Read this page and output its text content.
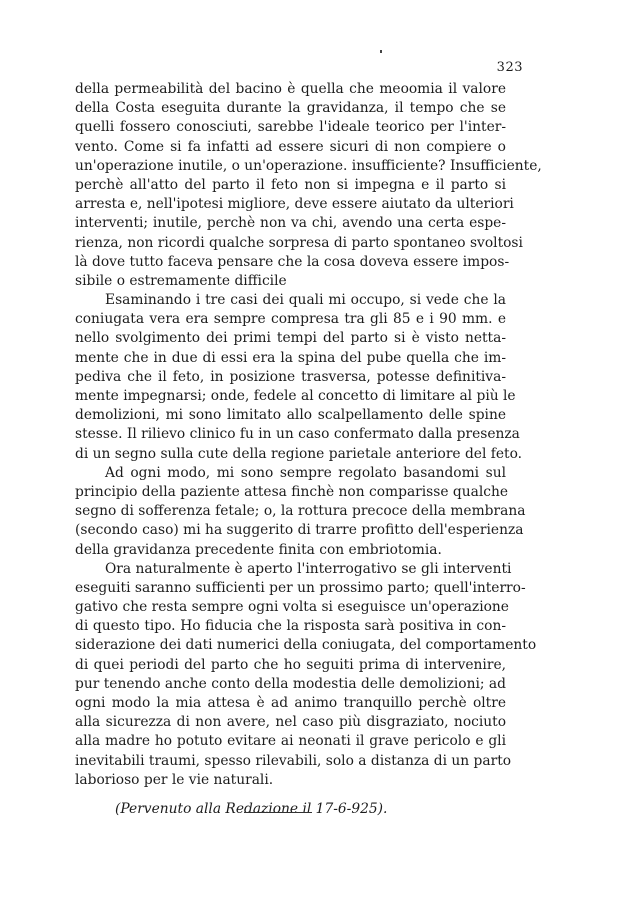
323
della permeabilità del bacino è quella che meoomia il valore
della Costa eseguita durante la gravidanza, il tempo che se
quelli fossero conosciuti, sarebbe l'ideale teorico per l'inter-
vento. Come si fa infatti ad essere sicuri di non compiere o
un'operazione inutile, o un'operazione. insufficiente? Insufficiente,
perchè all'atto del parto il feto non si impegna e il parto si
arresta e, nell'ipotesi migliore, deve essere aiutato da ulteriori
interventi; inutile, perchè non va chi, avendo una certa espe-
rienza, non ricordi qualche sorpresa di parto spontaneo svoltosi
là dove tutto faceva pensare che la cosa doveva essere impos-
sibile o estremamente difficile
Esaminando i tre casi dei quali mi occupo, si vede che la
coniugata vera era sempre compresa tra gli 85 e i 90 mm. e
nello svolgimento dei primi tempi del parto si è visto netta-
mente che in due di essi era la spina del pube quella che im-
pediva che il feto, in posizione trasversa, potesse definitiva-
mente impegnarsi; onde, fedele al concetto di limitare al più le
demolizioni, mi sono limitato allo scalpellamento delle spine
stesse. Il rilievo clinico fu in un caso confermato dalla presenza
di un segno sulla cute della regione parietale anteriore del feto.
Ad ogni modo, mi sono sempre regolato basandomi sul
principio della paziente attesa finchè non comparisse qualche
segno di sofferenza fetale; o, la rottura precoce della membrana
(secondo caso) mi ha suggerito di trarre profitto dell'esperienza
della gravidanza precedente finita con embriotomia.
Ora naturalmente è aperto l'interrogativo se gli interventi
eseguiti saranno sufficienti per un prossimo parto; quell'interro-
gativo che resta sempre ogni volta si eseguisce un'operazione
di questo tipo. Ho fiducia che la risposta sarà positiva in con-
siderazione dei dati numerici della coniugata, del comportamento
di quei periodi del parto che ho seguiti prima di intervenire,
pur tenendo anche conto della modestia delle demolizioni; ad
ogni modo la mia attesa è ad animo tranquillo perchè oltre
alla sicurezza di non avere, nel caso più disgraziato, nociuto
alla madre ho potuto evitare ai neonati il grave pericolo e gli
inevitabili traumi, spesso rilevabili, solo a distanza di un parto
laborioso per le vie naturali.
(Pervenuto alla Redazione il 17-6-925).
